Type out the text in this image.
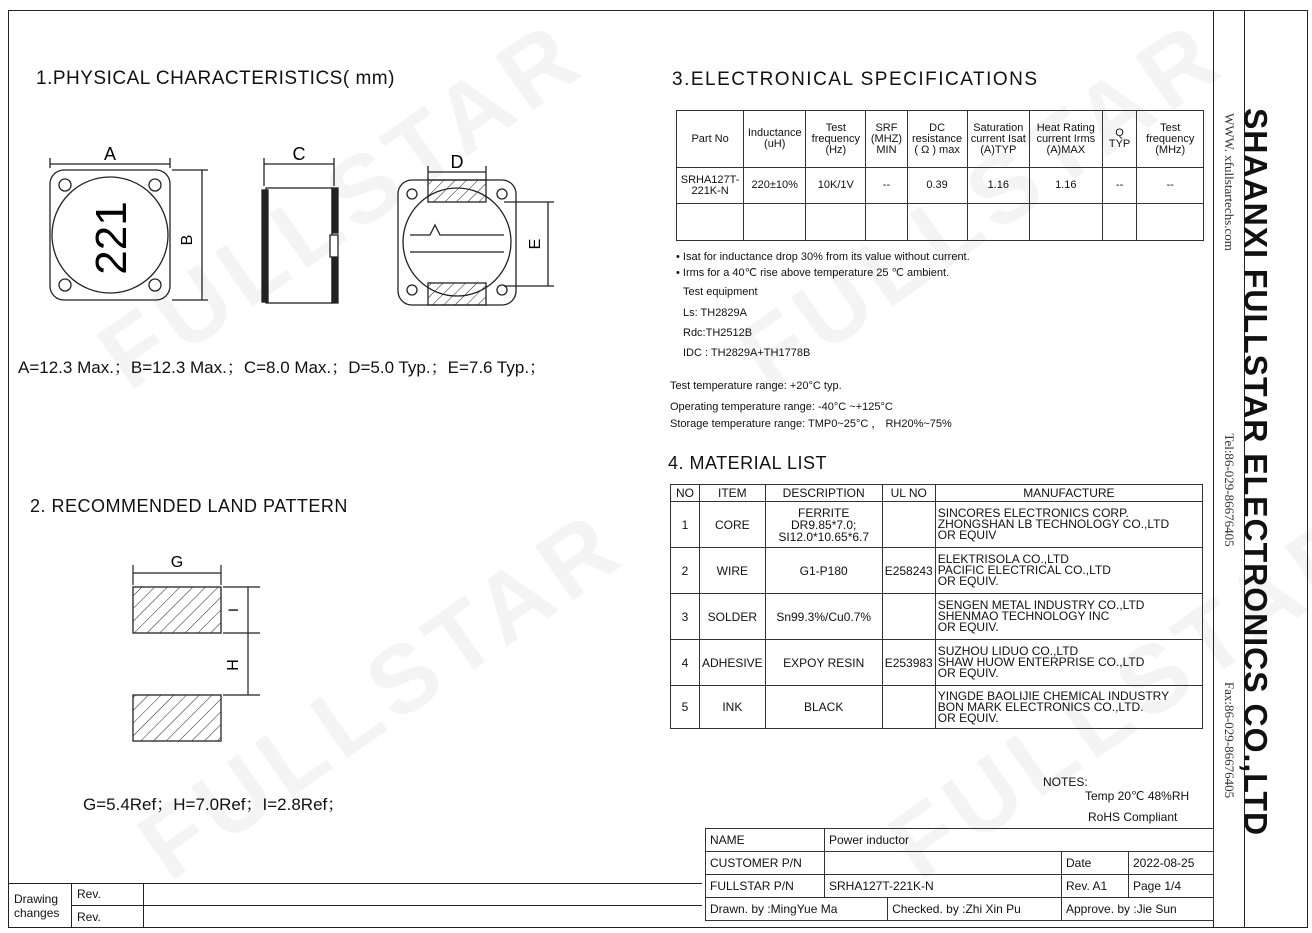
1.PHYSICAL CHARACTERISTICS( mm)
A
B
C	D
E
221
A=12.3 Max.；B=12.3 Max.；C=8.0 Max.；D=5.0 Typ.；E=7.6 Typ.；
2. RECOMMENDED LAND PATTERN
G
I
H
G=5.4Ref；H=7.0Ref；I=2.8Ref；
3.ELECTRONICAL SPECIFICATIONS
Part No	Inductance (uH)	Test frequency (Hz)	SRF (MHZ) MIN	DC resistance ( Ω ) max	Saturation current Isat (A)TYP	Heat Rating current Irms (A)MAX	Q TYP	Test frequency (MHz)
SRHA127T-221K-N	220±10%	10K/1V	--	0.39	1.16	1.16	--	--

• Isat for inductance drop 30% from its value without current.
• Irms for a 40℃ rise above temperature 25 ℃ ambient.
Test equipment
Ls: TH2829A
Rdc:TH2512B
IDC : TH2829A+TH1778B
Test temperature range: +20°C typ.
Operating temperature range: -40°C ~+125°C
Storage temperature range: TMP0~25°C ， RH20%~75%
4. MATERIAL LIST
NO	ITEM	DESCRIPTION	UL NO	MANUFACTURE
1	CORE	FERRITE DR9.85*7.0; SI12.0*10.65*6.7		SINCORES ELECTRONICS CORP.
ZHONGSHAN LB TECHNOLOGY CO.,LTD
OR EQUIV

2	WIRE	G1-P180	E258243	ELEKTRISOLA CO.,LTD
PACIFIC ELECTRICAL CO.,LTD
OR EQUIV.

3	SOLDER	Sn99.3%/Cu0.7%		SENGEN METAL INDUSTRY CO.,LTD
SHENMAO TECHNOLOGY INC
OR EQUIV.

4	ADHESIVE	EXPOY RESIN	E253983	SUZHOU LIDUO CO.,LTD
SHAW HUOW ENTERPRISE CO.,LTD
OR EQUIV.

5	INK	BLACK		YINGDE BAOLIJIE CHEMICAL INDUSTRY
BON MARK ELECTRONICS CO.,LTD.
OR EQUIV.
NOTES:
Temp 20℃ 48%RH
RoHS Compliant
NAME	Power inductor			
CUSTOMER P/N			Date	2022-08-25
FULLSTAR P/N	SRHA127T-221K-N		Rev. A1	Page 1/4
Drawn. by :MingYue Ma		Checked. by :Zhi Xin Pu	Approve. by :Jie Sun	
Drawing changes
Rev.
Rev.
SHAANXI FULLSTAR ELECTRONICS CO.,LTD
WWW. xfullstartechs.com
Tel:86-029-86676405
Fax:86-029-86676405
